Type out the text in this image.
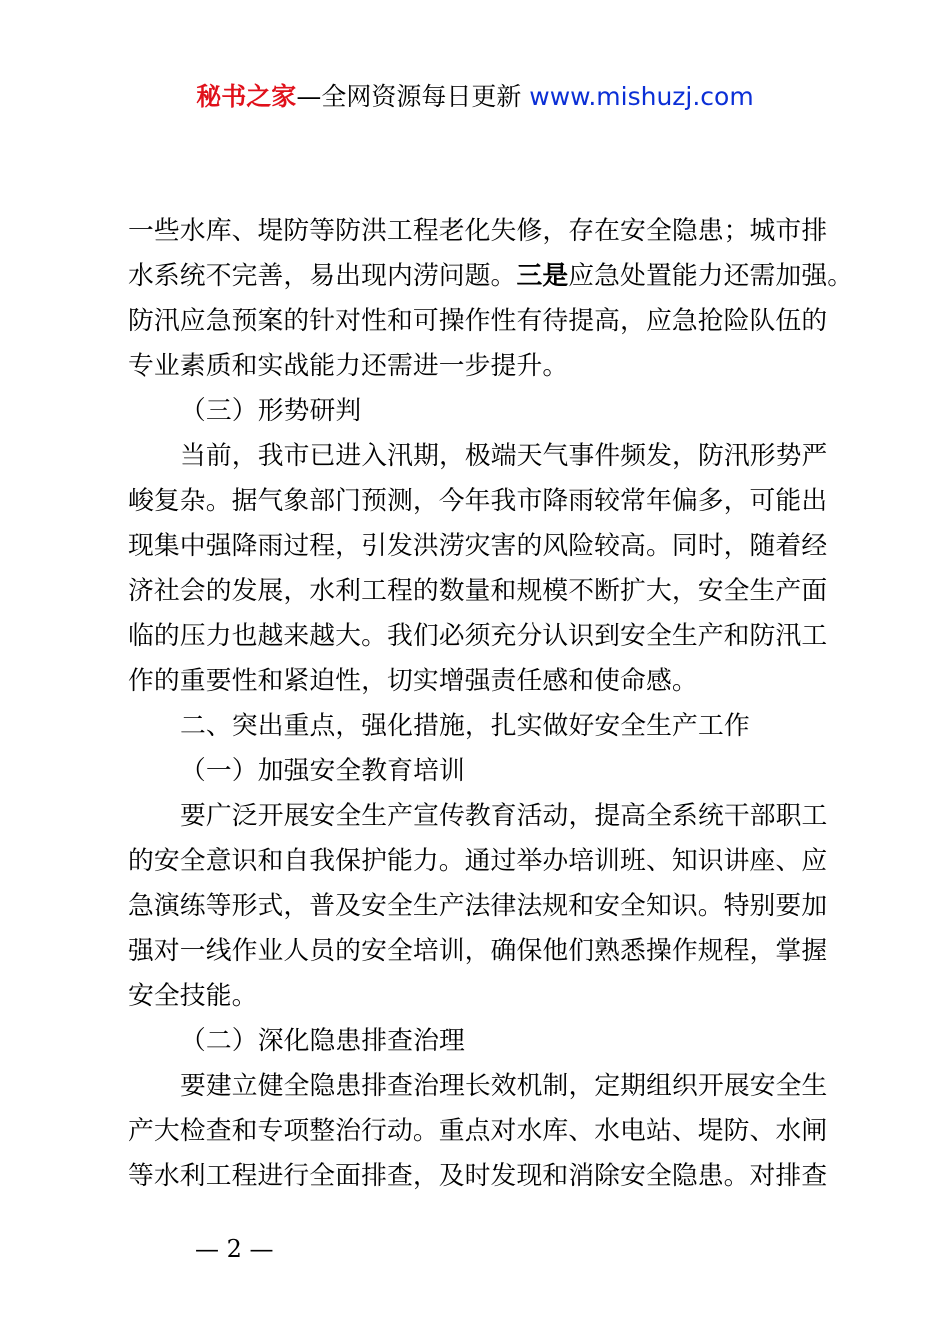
秘书之家—全网资源每日更新 www.mishuzj.com
一些水库、堤防等防洪工程老化失修，存在安全隐患；城市排
水系统不完善，易出现内涝问题。三是应急处置能力还需加强。
防汛应急预案的针对性和可操作性有待提高，应急抢险队伍的
专业素质和实战能力还需进一步提升。
（三）形势研判
当前，我市已进入汛期，极端天气事件频发，防汛形势严
峻复杂。据气象部门预测，今年我市降雨较常年偏多，可能出
现集中强降雨过程，引发洪涝灾害的风险较高。同时，随着经
济社会的发展，水利工程的数量和规模不断扩大，安全生产面
临的压力也越来越大。我们必须充分认识到安全生产和防汛工
作的重要性和紧迫性，切实增强责任感和使命感。
二、突出重点，强化措施，扎实做好安全生产工作
（一）加强安全教育培训
要广泛开展安全生产宣传教育活动，提高全系统干部职工
的安全意识和自我保护能力。通过举办培训班、知识讲座、应
急演练等形式，普及安全生产法律法规和安全知识。特别要加
强对一线作业人员的安全培训，确保他们熟悉操作规程，掌握
安全技能。
（二）深化隐患排查治理
要建立健全隐患排查治理长效机制，定期组织开展安全生
产大检查和专项整治行动。重点对水库、水电站、堤防、水闸
等水利工程进行全面排查，及时发现和消除安全隐患。对排查
— 2 —
